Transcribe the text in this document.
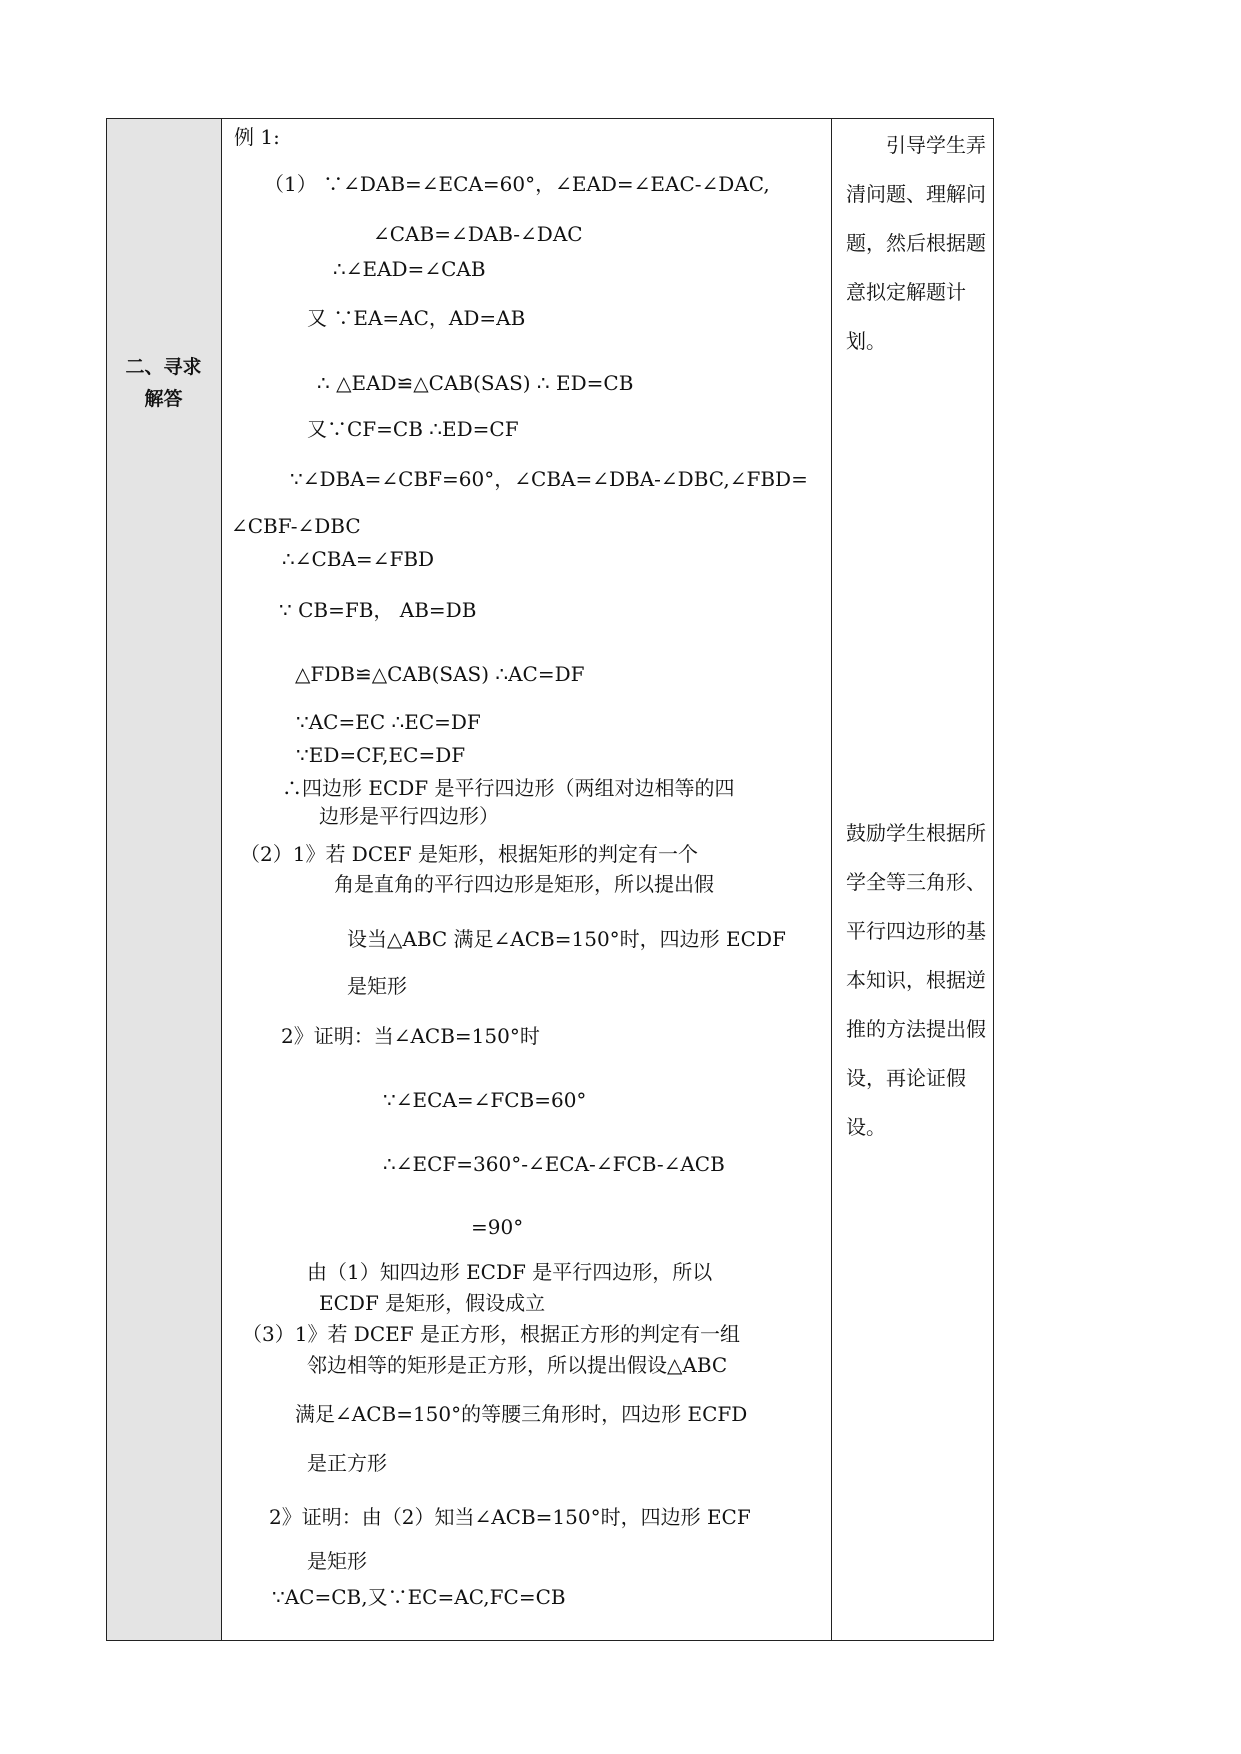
二、寻求
解答
引导学生弄清问题、理解问题，然后根据题意拟定解题计划。
鼓励学生根据所学全等三角形、平行四边形的基本知识，根据逆推的方法提出假设，再论证假设。
例 1:
（1） ∵∠DAB=∠ECA=60°，∠EAD=∠EAC-∠DAC,
∠CAB=∠DAB-∠DAC
∴∠EAD=∠CAB
又 ∵EA=AC，AD=AB
∴ △EAD≌△CAB(SAS) ∴ ED=CB
又∵CF=CB ∴ED=CF
∵∠DBA=∠CBF=60°，∠CBA=∠DBA-∠DBC,∠FBD=
∠CBF-∠DBC
∴∠CBA=∠FBD
∵ CB=FB， AB=DB
△FDB≌△CAB(SAS) ∴AC=DF
∵AC=EC ∴EC=DF
∵ED=CF,EC=DF
∴四边形 ECDF 是平行四边形（两组对边相等的四
边形是平行四边形）
（2）1》若 DCEF 是矩形，根据矩形的判定有一个
角是直角的平行四边形是矩形，所以提出假
设当△ABC 满足∠ACB=150°时，四边形 ECDF
是矩形
2》证明：当∠ACB=150°时
∵∠ECA=∠FCB=60°
∴∠ECF=360°-∠ECA-∠FCB-∠ACB
=90°
由（1）知四边形 ECDF 是平行四边形，所以
ECDF 是矩形，假设成立
（3）1》若 DCEF 是正方形，根据正方形的判定有一组
邻边相等的矩形是正方形，所以提出假设△ABC
满足∠ACB=150°的等腰三角形时，四边形 ECFD
是正方形
2》证明：由（2）知当∠ACB=150°时，四边形 ECF
是矩形
∵AC=CB,又∵EC=AC,FC=CB
